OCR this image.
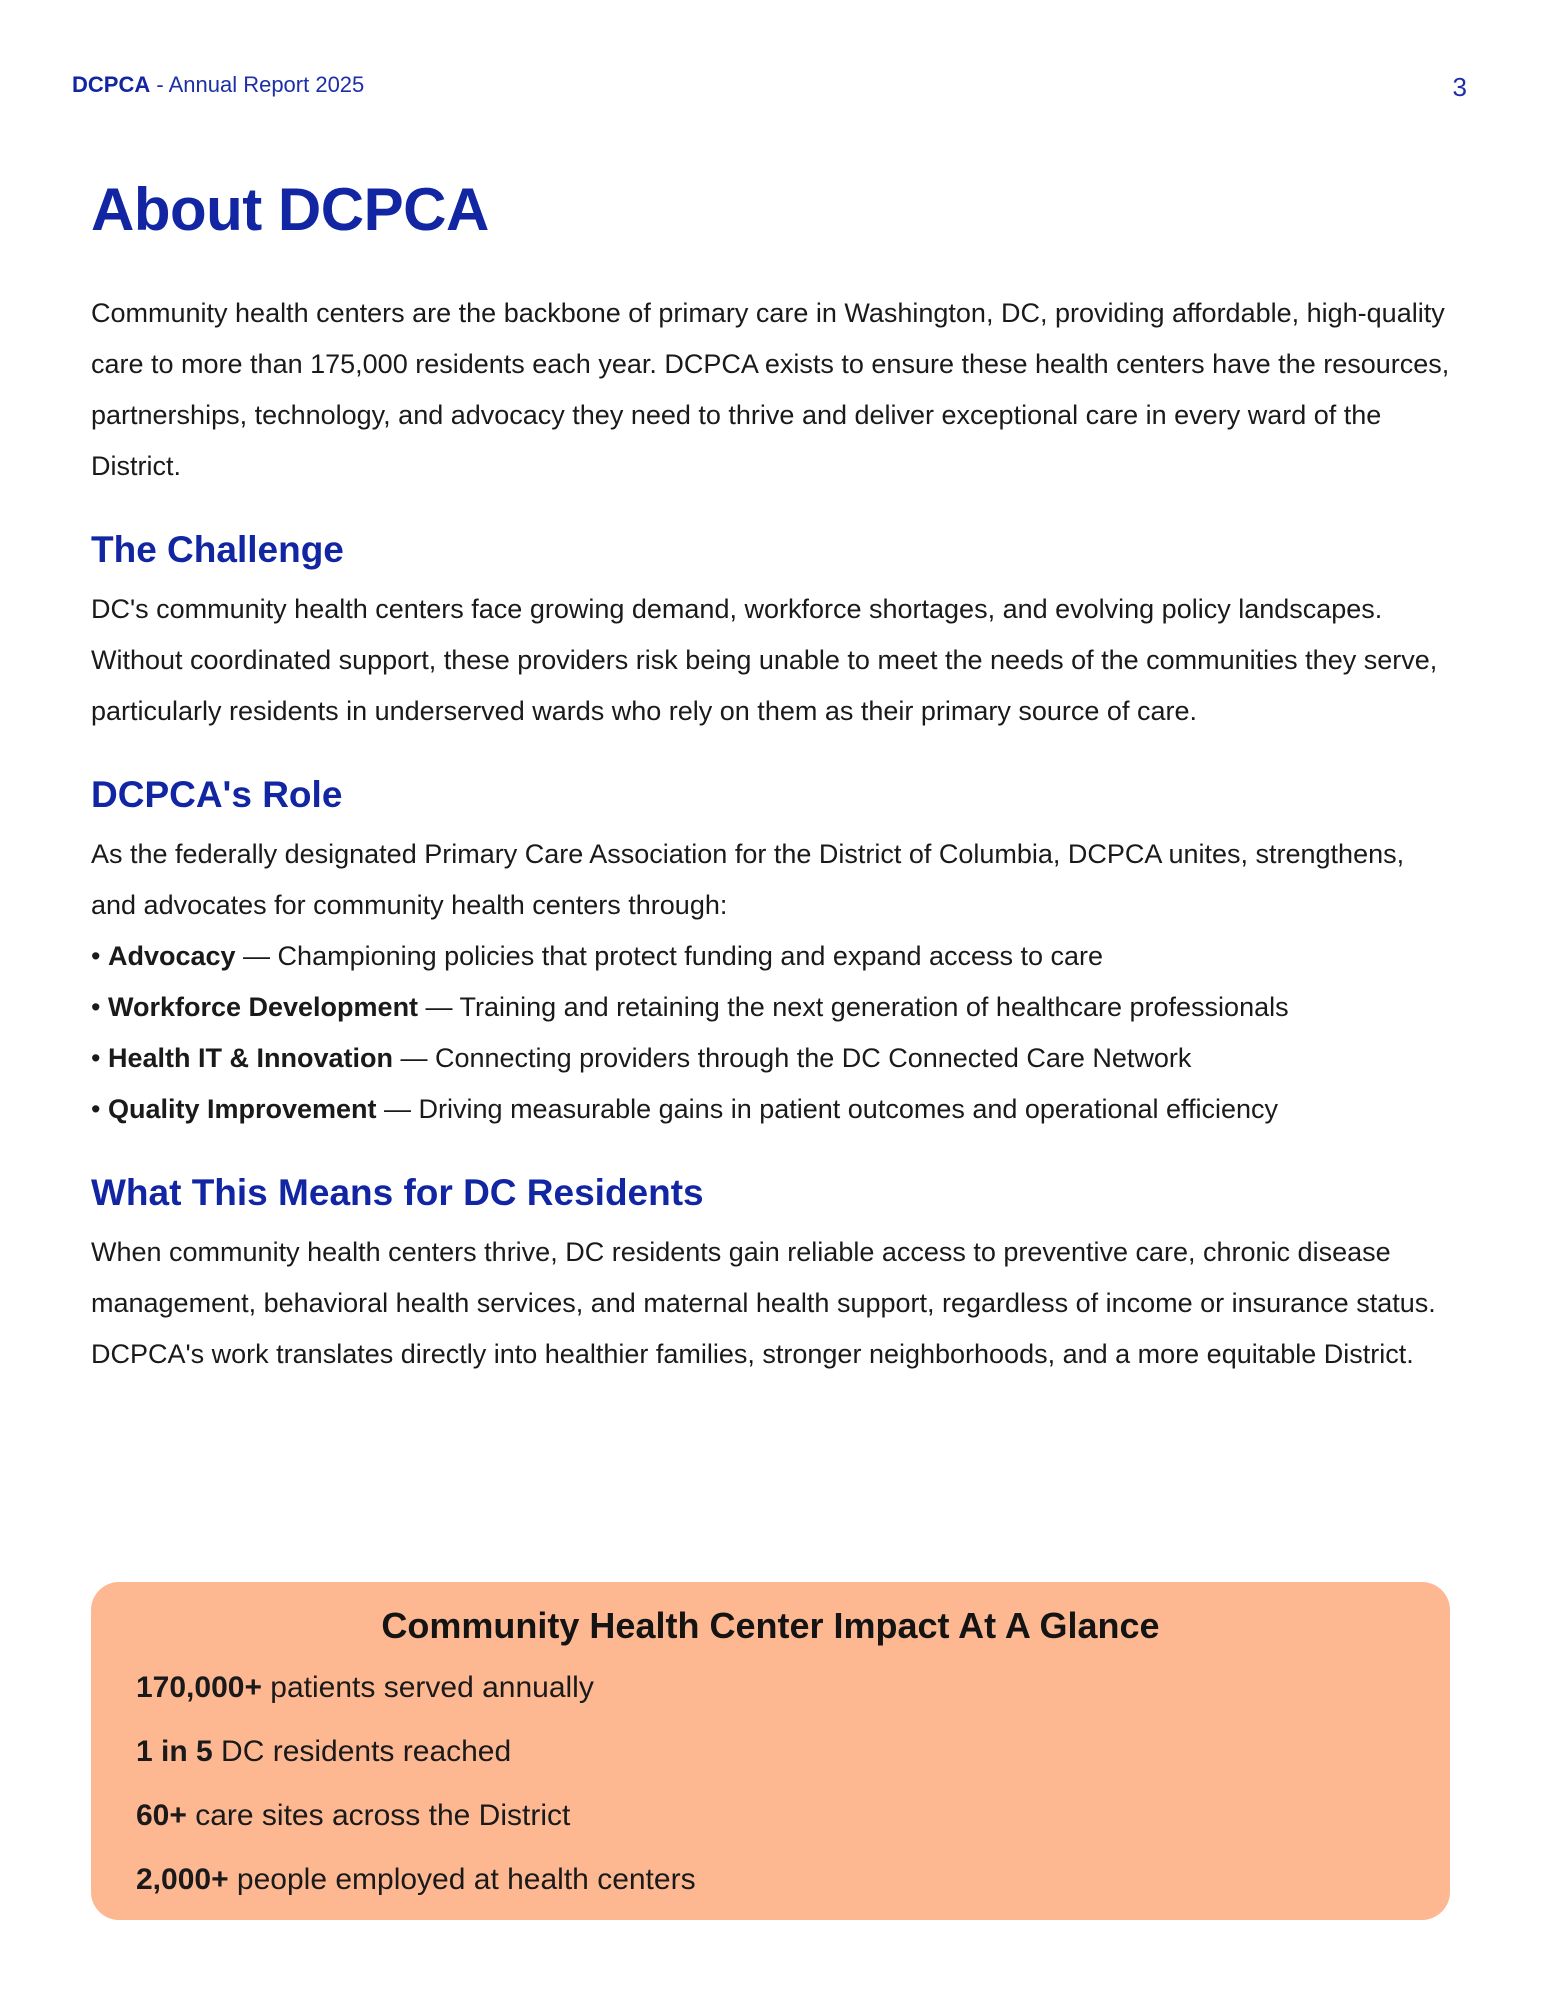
DCPCA - Annual Report 2025	3
About DCPCA

Community health centers are the backbone of primary care in Washington, DC, providing affordable, high-quality care to more than 175,000 residents each year. DCPCA exists to ensure these health centers have the resources, partnerships, technology, and advocacy they need to thrive and deliver exceptional care in every ward of the District.

The Challenge

DC's community health centers face growing demand, workforce shortages, and evolving policy landscapes. Without coordinated support, these providers risk being unable to meet the needs of the communities they serve, particularly residents in underserved wards who rely on them as their primary source of care.

DCPCA's Role

As the federally designated Primary Care Association for the District of Columbia, DCPCA unites, strengthens, and advocates for community health centers through:

• Advocacy — Championing policies that protect funding and expand access to care
• Workforce Development — Training and retaining the next generation of healthcare professionals
• Health IT & Innovation — Connecting providers through the DC Connected Care Network
• Quality Improvement — Driving measurable gains in patient outcomes and operational efficiency
What This Means for DC Residents

When community health centers thrive, DC residents gain reliable access to preventive care, chronic disease management, behavioral health services, and maternal health support, regardless of income or insurance status. DCPCA's work translates directly into healthier families, stronger neighborhoods, and a more equitable District.

Community Health Center Impact At A Glance
170,000+ patients served annually
1 in 5 DC residents reached
60+ care sites across the District
2,000+ people employed at health centers
